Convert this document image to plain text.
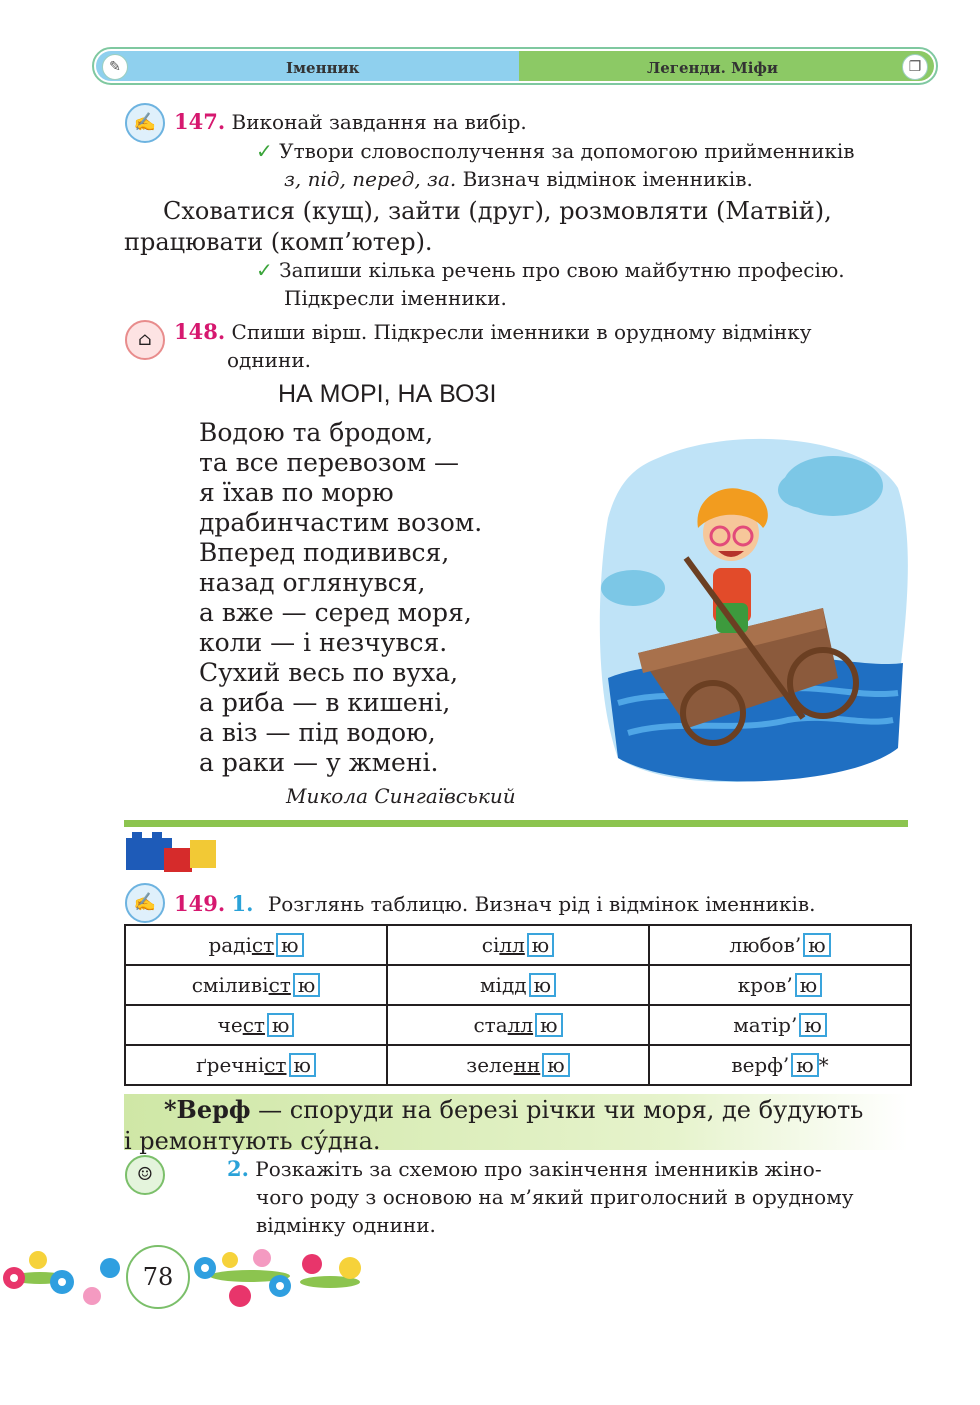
✎	Іменник	Легенди. Міфи	❐
✍ 147. Виконай завдання на вибір.
✓ Утвори словосполучення за допомогою прийменників
з, під, перед, за. Визнач відмінок іменників.
Сховатися (кущ), зайти (друг), розмовляти (Матвій),
працювати (комп’ютер).
✓ Запиши кілька речень про свою майбутню професію.
Підкресли іменники.
⌂	148. Спиши вірш. Підкресли іменники в орудному відмінку
однини.
НА МОРІ, НА ВОЗІ
Водою та бродом,
та все перевозом —
я їхав по морю
драбинчастим возом.
Вперед подивився,
назад оглянувся,
а вже — серед моря,
коли — і незчувся.
Сухий весь по вуха,
а риба — в кишені,
а віз — під водою,
а раки — у жмені.
Микола Сингаївський
✍ 149. 1. Розглянь таблицю. Визнач рід і відмінок іменників.
радіст ю	сілл ю	любов’ ю
сміливіст ю	мідд ю	кров’ ю
чест ю	сталл ю	матір’ ю
ґречніст ю	зеленн ю	верф’ ю *
*Верф — споруди на березі річки чи моря, де будують
і ремонтують су́дна.
☺	2. Розкажіть за схемою про закінчення іменників жіно-
чого роду з основою на м’який приголосний в орудному
відмінку однини.
78
